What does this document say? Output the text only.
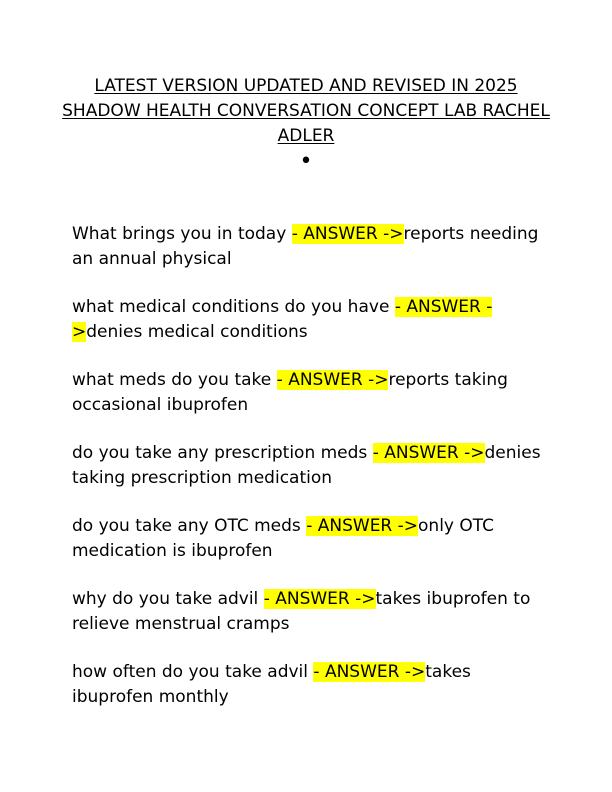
LATEST VERSION UPDATED AND REVISED IN 2025
SHADOW HEALTH CONVERSATION CONCEPT LAB RACHEL
ADLER
•
What brings you in today - ANSWER ->reports needing an annual physical
what medical conditions do you have - ANSWER ->denies medical conditions
what meds do you take - ANSWER ->reports taking occasional ibuprofen
do you take any prescription meds - ANSWER ->denies taking prescription medication
do you take any OTC meds - ANSWER ->only OTC medication is ibuprofen
why do you take advil - ANSWER ->takes ibuprofen to relieve menstrual cramps
how often do you take advil - ANSWER ->takes ibuprofen monthly
